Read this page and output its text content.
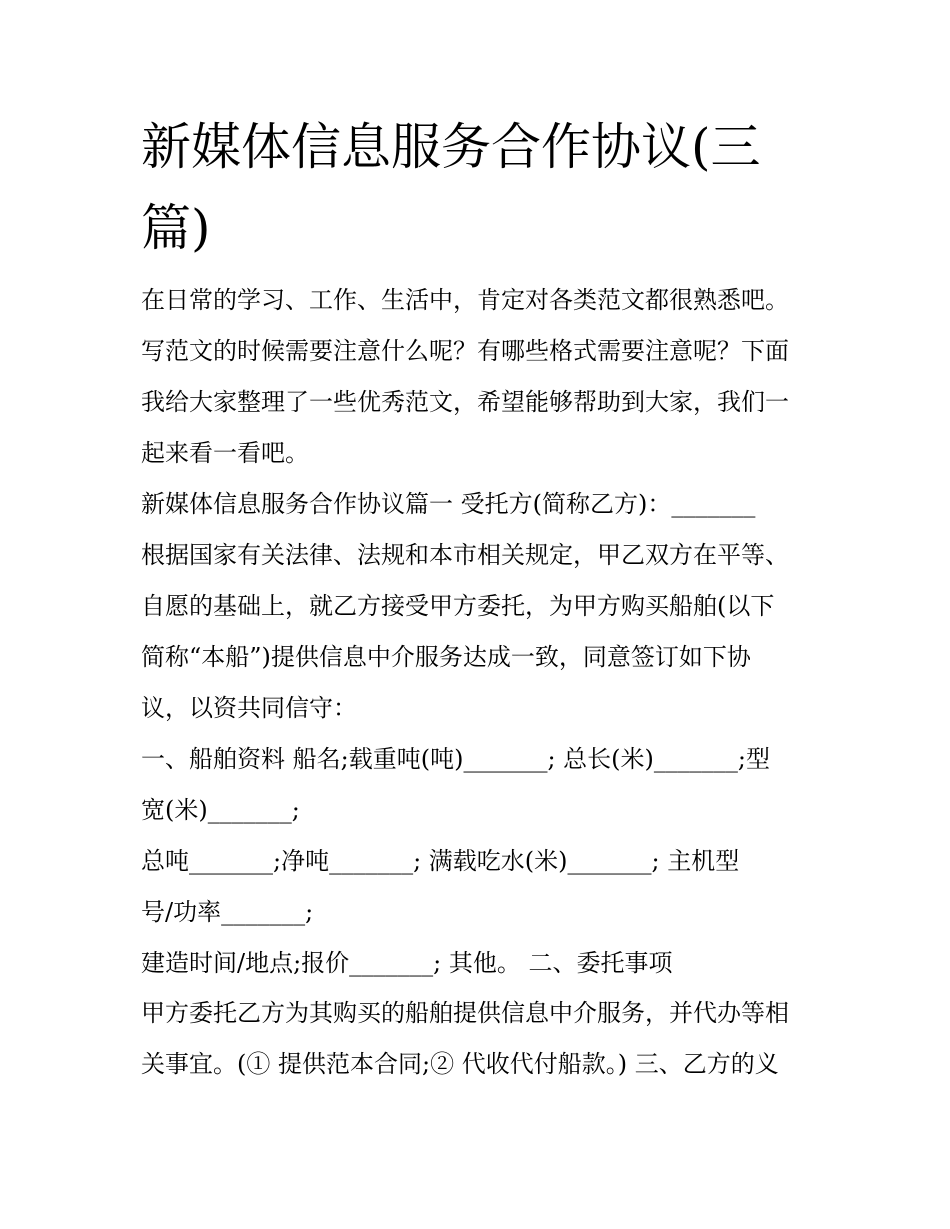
新媒体信息服务合作协议(三
篇)

在日常的学习、工作、生活中，肯定对各类范文都很熟悉吧。

写范文的时候需要注意什么呢？有哪些格式需要注意呢？下面

我给大家整理了一些优秀范文，希望能够帮助到大家，我们一

起来看一看吧。

新媒体信息服务合作协议篇一 受托方(简称乙方)：_______

根据国家有关法律、法规和本市相关规定，甲乙双方在平等、

自愿的基础上，就乙方接受甲方委托，为甲方购买船舶(以下

简称“本船”)提供信息中介服务达成一致，同意签订如下协

议，以资共同信守：

一、船舶资料 船名;载重吨(吨)_______; 总长(米)_______;型

宽(米)_______;

总吨_______;净吨_______; 满载吃水(米)_______; 主机型

号/功率_______;

建造时间/地点;报价_______; 其他。 二、委托事项

甲方委托乙方为其购买的船舶提供信息中介服务，并代办等相

关事宜。(① 提供范本合同;② 代收代付船款。) 三、乙方的义
